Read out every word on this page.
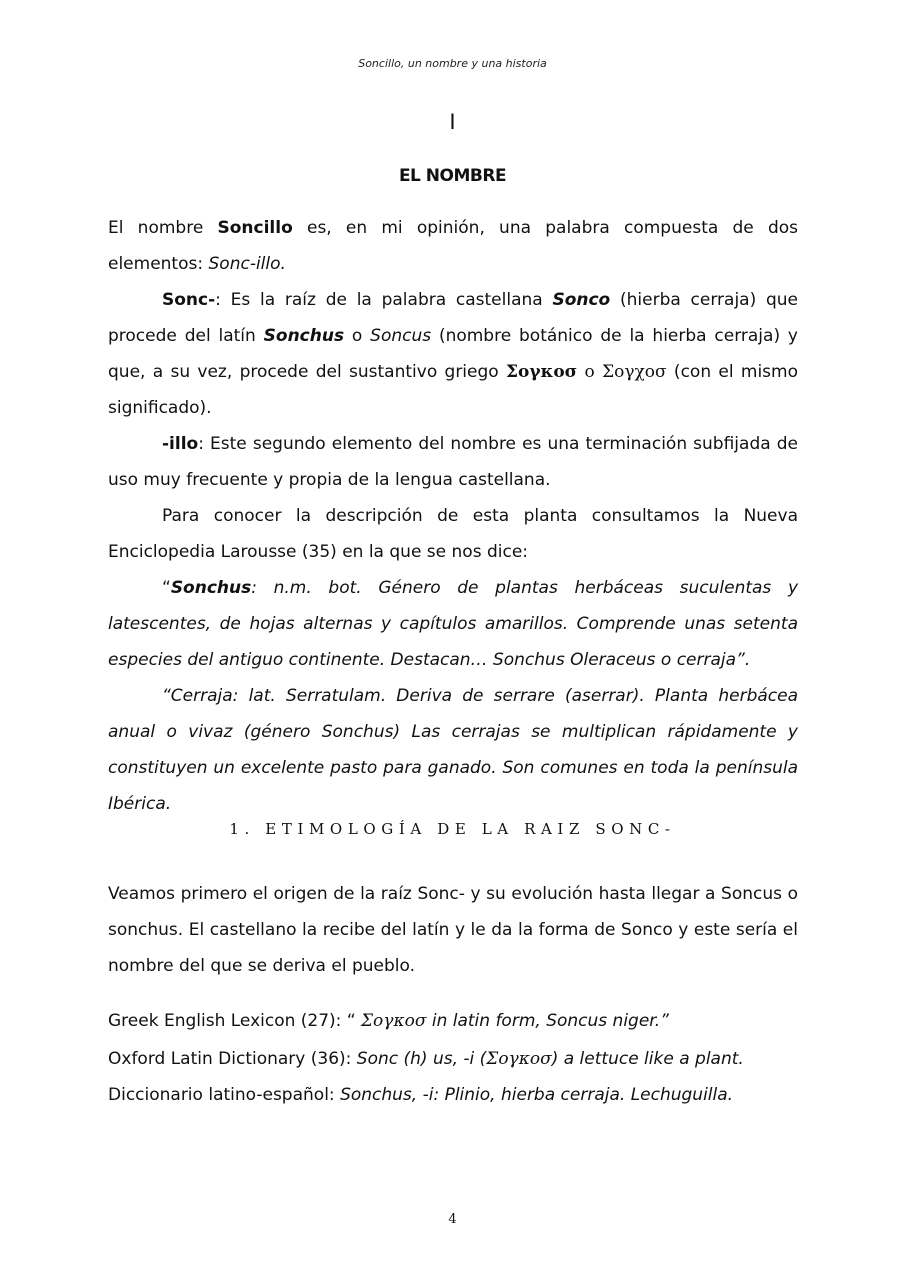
Soncillo, un nombre y una historia
I
EL NOMBRE

El nombre Soncillo es, en mi opinión, una palabra compuesta de dos elementos: Sonc-illo.

Sonc-: Es la raíz de la palabra castellana Sonco (hierba cerraja) que procede del latín Sonchus o Soncus (nombre botánico de la hierba cerraja) y que, a su vez, procede del sustantivo griego Σογκοσ o Σογχοσ (con el mismo significado).

-illo: Este segundo elemento del nombre es una terminación subfijada de uso muy frecuente y propia de la lengua castellana.

Para conocer la descripción de esta planta consultamos la Nueva Enciclopedia Larousse (35) en la que se nos dice:

“Sonchus: n.m. bot. Género de plantas herbáceas suculentas y latescentes, de hojas alternas y capítulos amarillos. Comprende unas setenta especies del antiguo continente. Destacan… Sonchus Oleraceus o cerraja”.

“Cerraja: lat. Serratulam. Deriva de serrare (aserrar). Planta herbácea anual o vivaz (género Sonchus) Las cerrajas se multiplican rápidamente y constituyen un excelente pasto para ganado. Son comunes en toda la península Ibérica.

1. ETIMOLOGÍA DE LA RAIZ SONC-

Veamos primero el origen de la raíz Sonc- y su evolución hasta llegar a Soncus o sonchus. El castellano la recibe del latín y le da la forma de Sonco y este sería el nombre del que se deriva el pueblo.

Greek English Lexicon (27): “ Σογκοσ in latin form, Soncus niger.”

Oxford Latin Dictionary (36): Sonc (h) us, -i (Σογκοσ) a lettuce like a plant.

Diccionario latino-español: Sonchus, -i: Plinio, hierba cerraja. Lechuguilla.

4
